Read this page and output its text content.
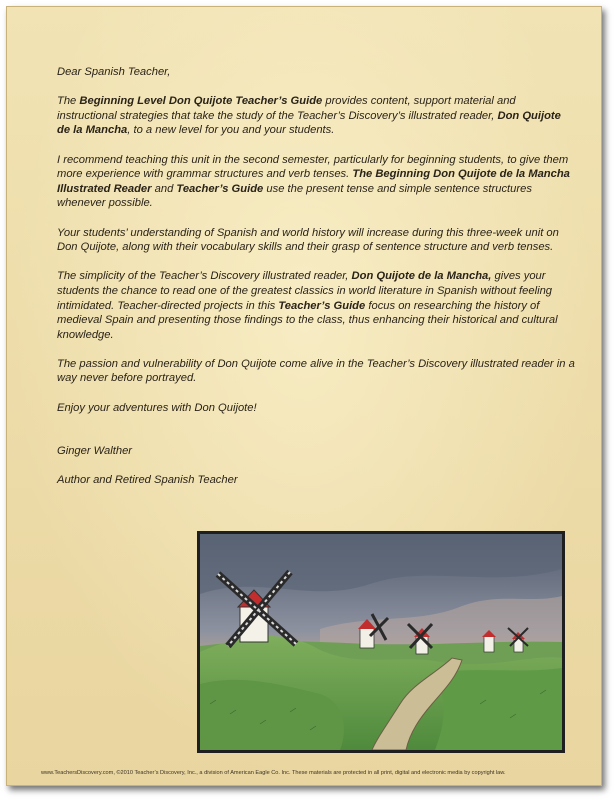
Dear Spanish Teacher,

The Beginning Level Don Quijote Teacher’s Guide provides content, support material and instructional strategies that take the study of the Teacher’s Discovery’s illustrated reader, Don Quijote de la Mancha, to a new level for you and your students.

I recommend teaching this unit in the second semester, particularly for beginning students, to give them more experience with grammar structures and verb tenses. The Beginning Don Quijote de la Mancha Illustrated Reader and Teacher’s Guide use the present tense and simple sentence structures whenever possible.

Your students’ understanding of Spanish and world history will increase during this three-week unit on Don Quijote, along with their vocabulary skills and their grasp of sentence structure and verb tenses.

The simplicity of the Teacher’s Discovery illustrated reader, Don Quijote de la Mancha, gives your students the chance to read one of the greatest classics in world literature in Spanish without feeling intimidated. Teacher-directed projects in this Teacher’s Guide focus on researching the history of medieval Spain and presenting those findings to the class, thus enhancing their historical and cultural knowledge.

The passion and vulnerability of Don Quijote come alive in the Teacher’s Discovery illustrated reader in a way never before portrayed.

Enjoy your adventures with Don Quijote!

Ginger Walther

Author and Retired Spanish Teacher

www.TeachersDiscovery.com, ©2010 Teacher’s Discovery, Inc., a division of American Eagle Co. Inc. These materials are protected in all print, digital and electronic media by copyright law.
